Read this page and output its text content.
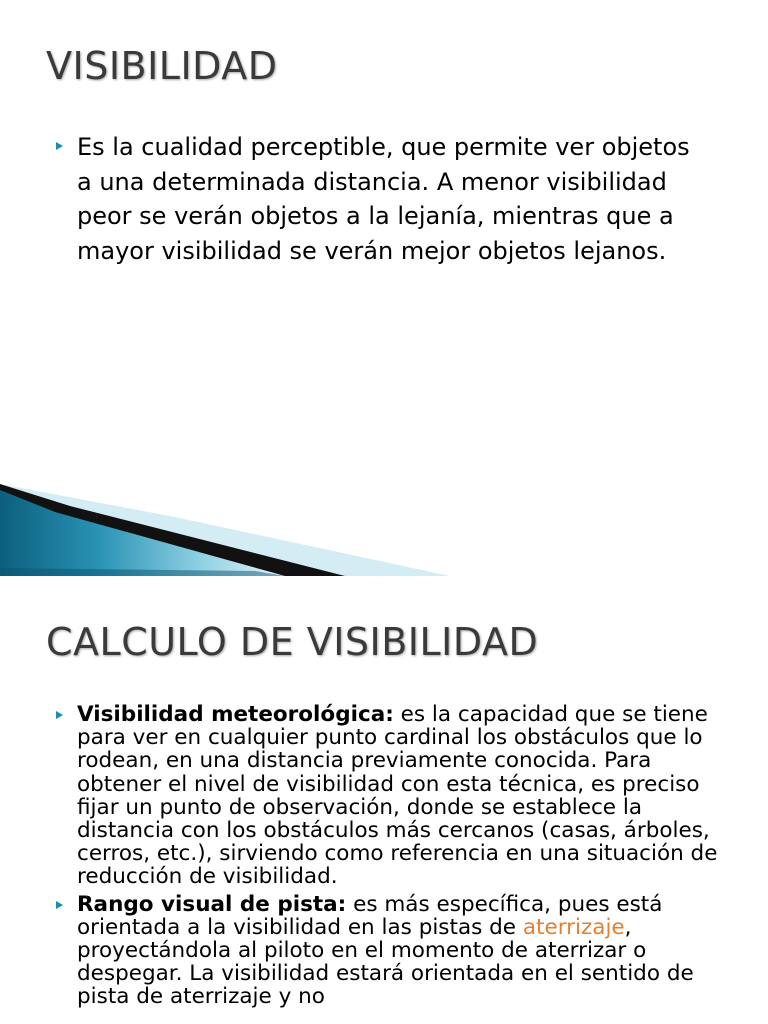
VISIBILIDAD
Es la cualidad perceptible, que permite ver objetos a una determinada distancia. A menor visibilidad peor se verán objetos a la lejanía, mientras que a mayor visibilidad se verán mejor objetos lejanos.
CALCULO DE VISIBILIDAD
Visibilidad meteorológica: es la capacidad que se tiene para ver en cualquier punto cardinal los obstáculos que lo rodean, en una distancia previamente conocida. Para obtener el nivel de visibilidad con esta técnica, es preciso fijar un punto de observación, donde se establece la distancia con los obstáculos más cercanos (casas, árboles, cerros, etc.), sirviendo como referencia en una situación de reducción de visibilidad.
Rango visual de pista: es más específica, pues está orientada a la visibilidad en las pistas de aterrizaje, proyectándola al piloto en el momento de aterrizar o despegar. La visibilidad estará orientada en el sentido de pista de aterrizaje y no
